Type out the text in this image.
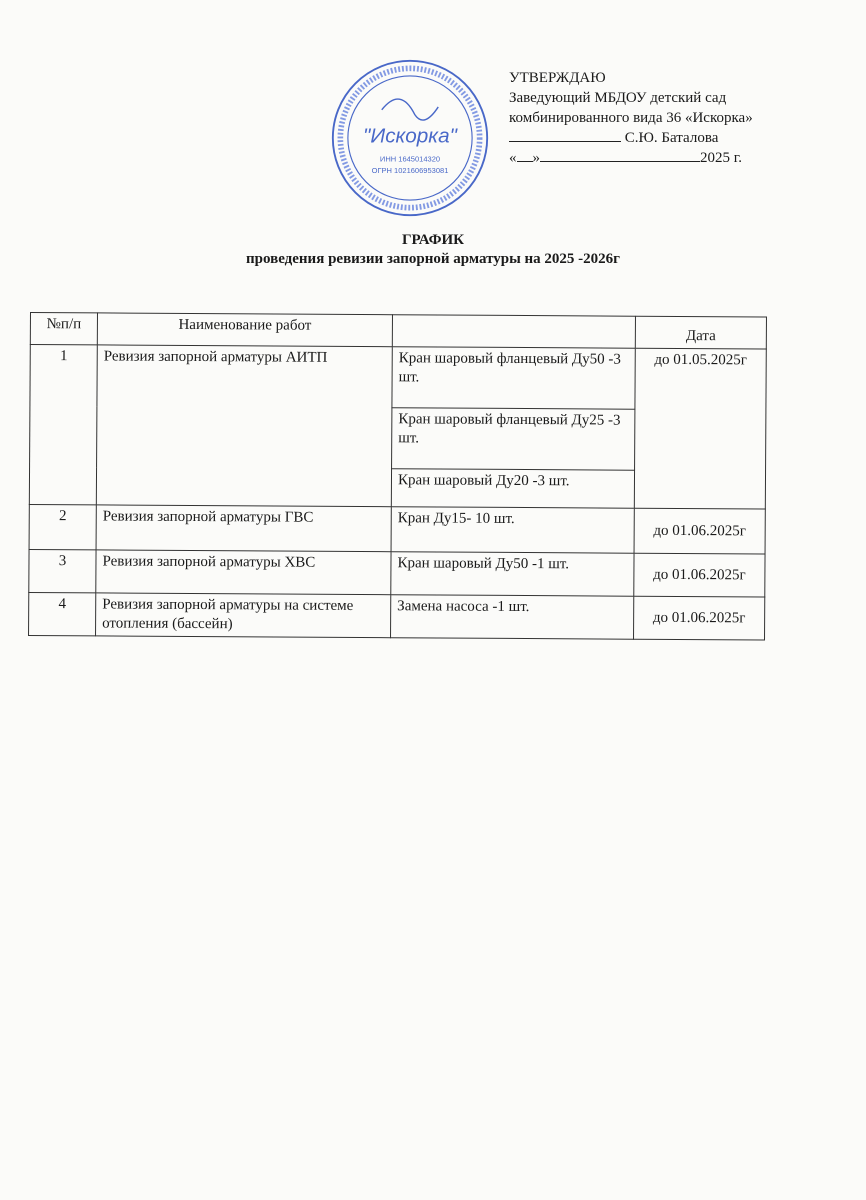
"Искорка"
ИНН 1645014320
ОГРН 1021606953081
УТВЕРЖДАЮ
Заведующий МБДОУ детский сад
комбинированного вида 36 «Искорка»
С.Ю. Баталова
« »	2025 г.
ГРАФИК
проведения ревизии запорной арматуры на 2025 -2026г
№п/п	Наименование работ		Дата
1	Ревизия запорной арматуры АИТП	Кран шаровый фланцевый Ду50 -3 шт.	до 01.05.2025г
		Кран шаровый фланцевый Ду25 -3 шт.	
		Кран шаровый Ду20 -3 шт.	
2	Ревизия запорной арматуры ГВС	Кран Ду15- 10 шт.	до 01.06.2025г
3	Ревизия запорной арматуры ХВС	Кран шаровый Ду50 -1 шт.	до 01.06.2025г
4	Ревизия запорной арматуры на системе отопления (бассейн)	Замена насоса -1 шт.	до 01.06.2025г
